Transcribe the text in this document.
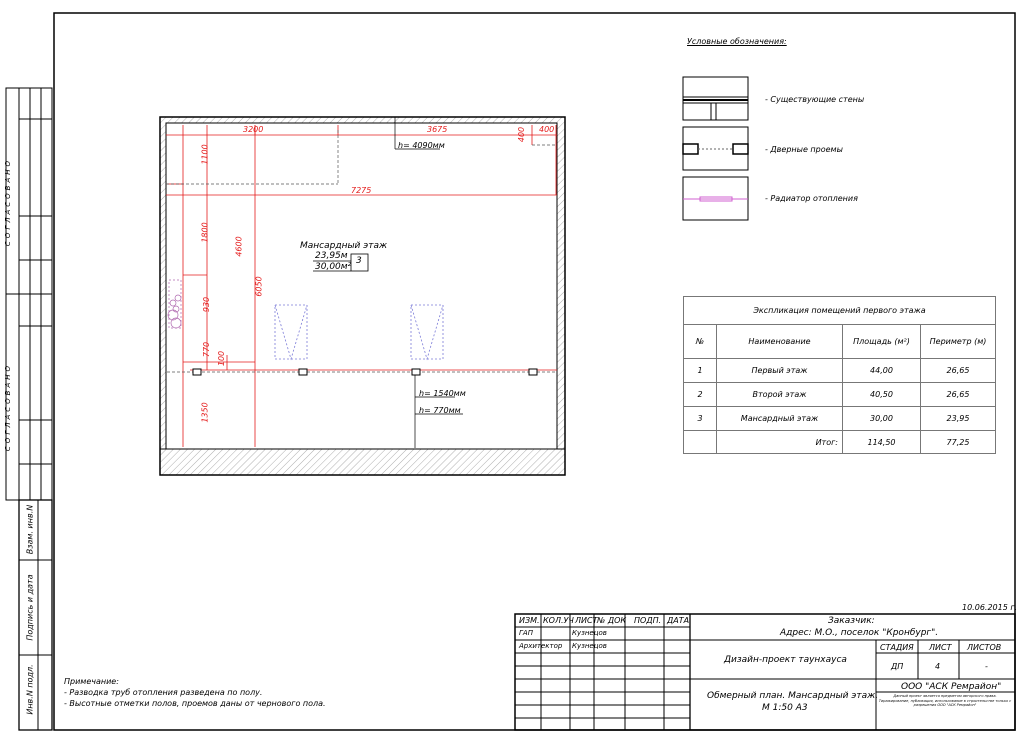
СОГЛАСОВАНО
СОГЛАСОВАНО
Взам. инв.N
Подпись и дата
Инв.N подл.
Мансардный этаж
23,95м
30,00м²
3
3200	3675	400 400
7275
1100
1800
4600
6050
930
770
100
1350
h= 4090мм
h= 1540мм
h= 770мм
Условные обозначения:
- Существующие стены
- Дверные проемы
- Радиатор отопления
Экспликация помещений первого этажа			
№	Наименование	Площадь (м²)	Периметр (м)
1	Первый этаж	44,00	26,65
2	Второй этаж	40,50	26,65
3	Мансардный этаж	30,00	23,95
	Итог:	114,50	77,25
Примечание:
- Разводка труб отопления разведена по полу.
- Высотные отметки полов, проемов даны от чернового пола.
10.06.2015 г.
ИЗМ. КОЛ.УЧ ЛИСТ № ДОК ПОДП. ДАТА
ГАП	Кузнецов
Архитектор Кузнецов
Заказчик:
Адрес: М.О., поселок "Кронбург".
Дизайн-проект таунхауса
СТАДИЯ ЛИСТ ЛИСТОВ
ДП	4	-
Обмерный план. Мансардный этаж.
М 1:50 А3
ООО "АСК Ремрайон"
Данный проект является предметом авторского права. Тиражирование, публикация, использование в строительстве только с разрешения ООО "АСК Ремрайон"
